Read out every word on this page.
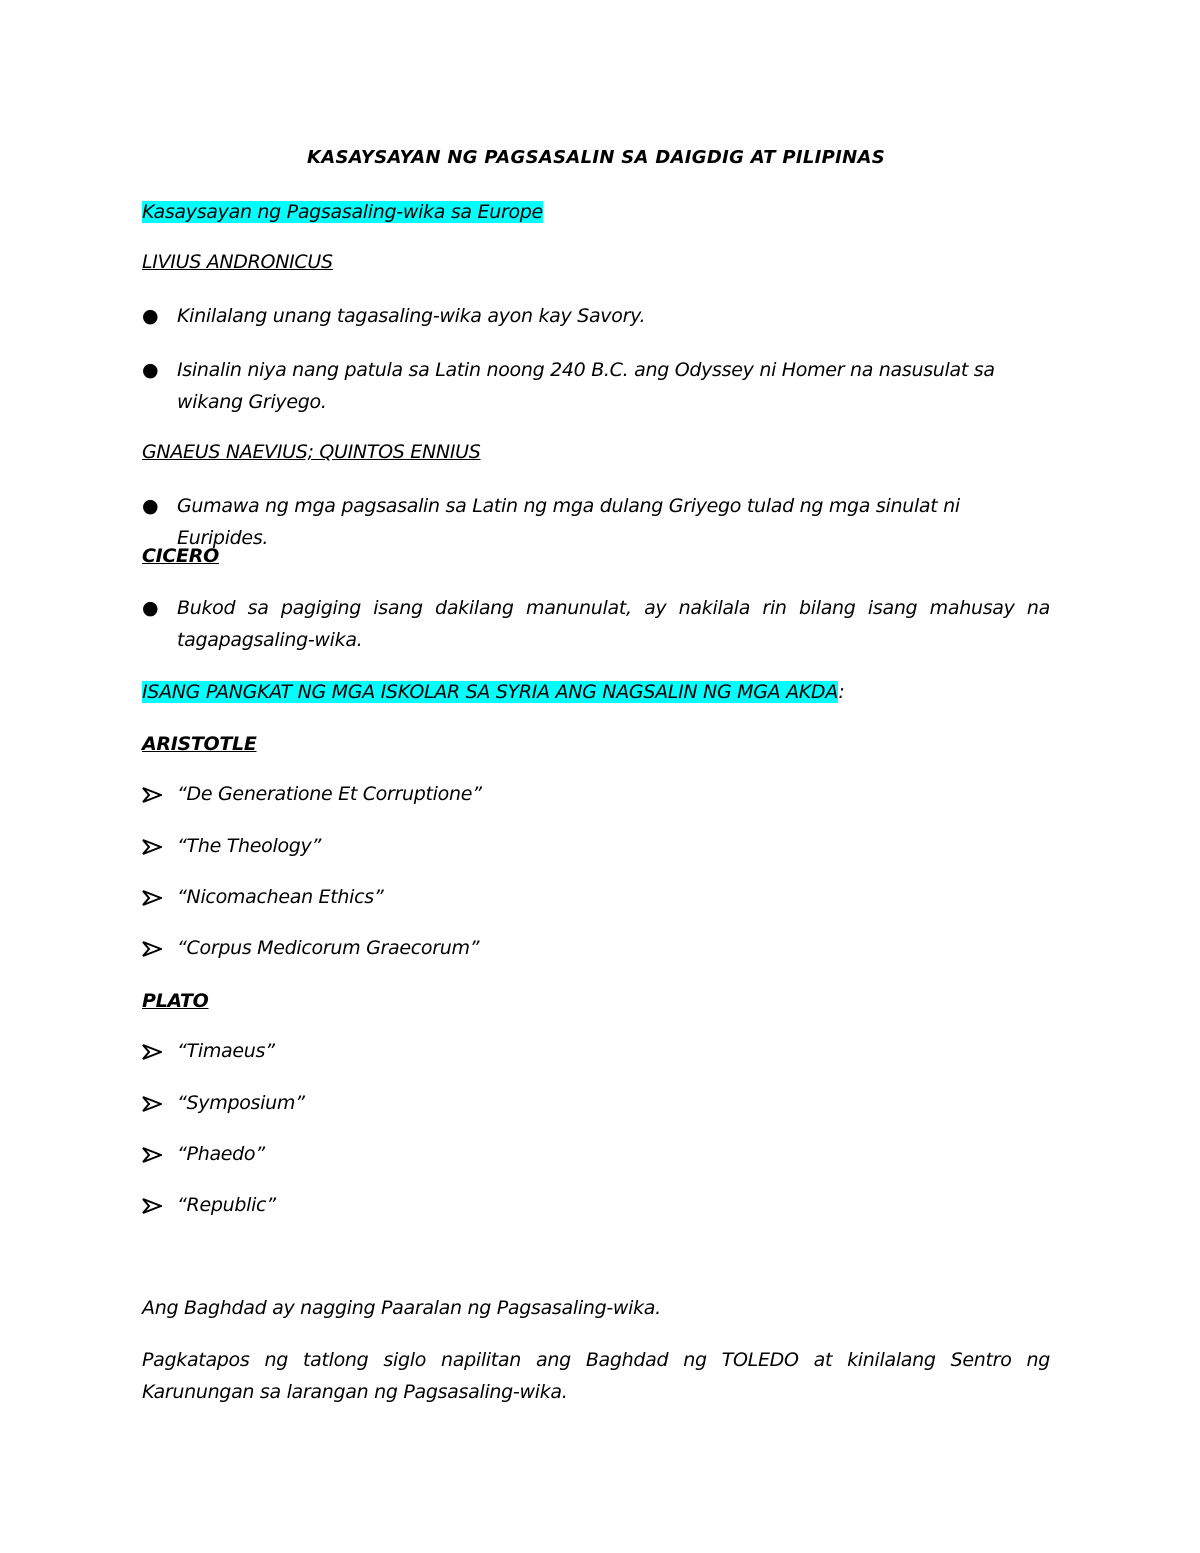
KASAYSAYAN NG PAGSASALIN SA DAIGDIG AT PILIPINAS
Kasaysayan ng Pagsasaling-wika sa Europe
LIVIUS ANDRONICUS
● Kinilalang unang tagasaling-wika ayon kay Savory.
● Isinalin niya nang patula sa Latin noong 240 B.C. ang Odyssey ni Homer na nasusulat sa wikang Griyego.
GNAEUS NAEVIUS; QUINTOS ENNIUS
● Gumawa ng mga pagsasalin sa Latin ng mga dulang Griyego tulad ng mga sinulat ni Euripides.
CICERO
● Bukod sa pagiging isang dakilang manunulat, ay nakilala rin bilang isang mahusay na tagapagsaling-wika.
ISANG PANGKAT NG MGA ISKOLAR SA SYRIA ANG NAGSALIN NG MGA AKDA:
ARISTOTLE
“De Generatione Et Corruptione”
“The Theology”
“Nicomachean Ethics”
“Corpus Medicorum Graecorum”
PLATO
“Timaeus”
“Symposium”
“Phaedo”
“Republic”
Ang Baghdad ay nagging Paaralan ng Pagsasaling-wika.
Pagkatapos ng tatlong siglo napilitan ang Baghdad ng TOLEDO at kinilalang Sentro ng Karunungan sa larangan ng Pagsasaling-wika.
